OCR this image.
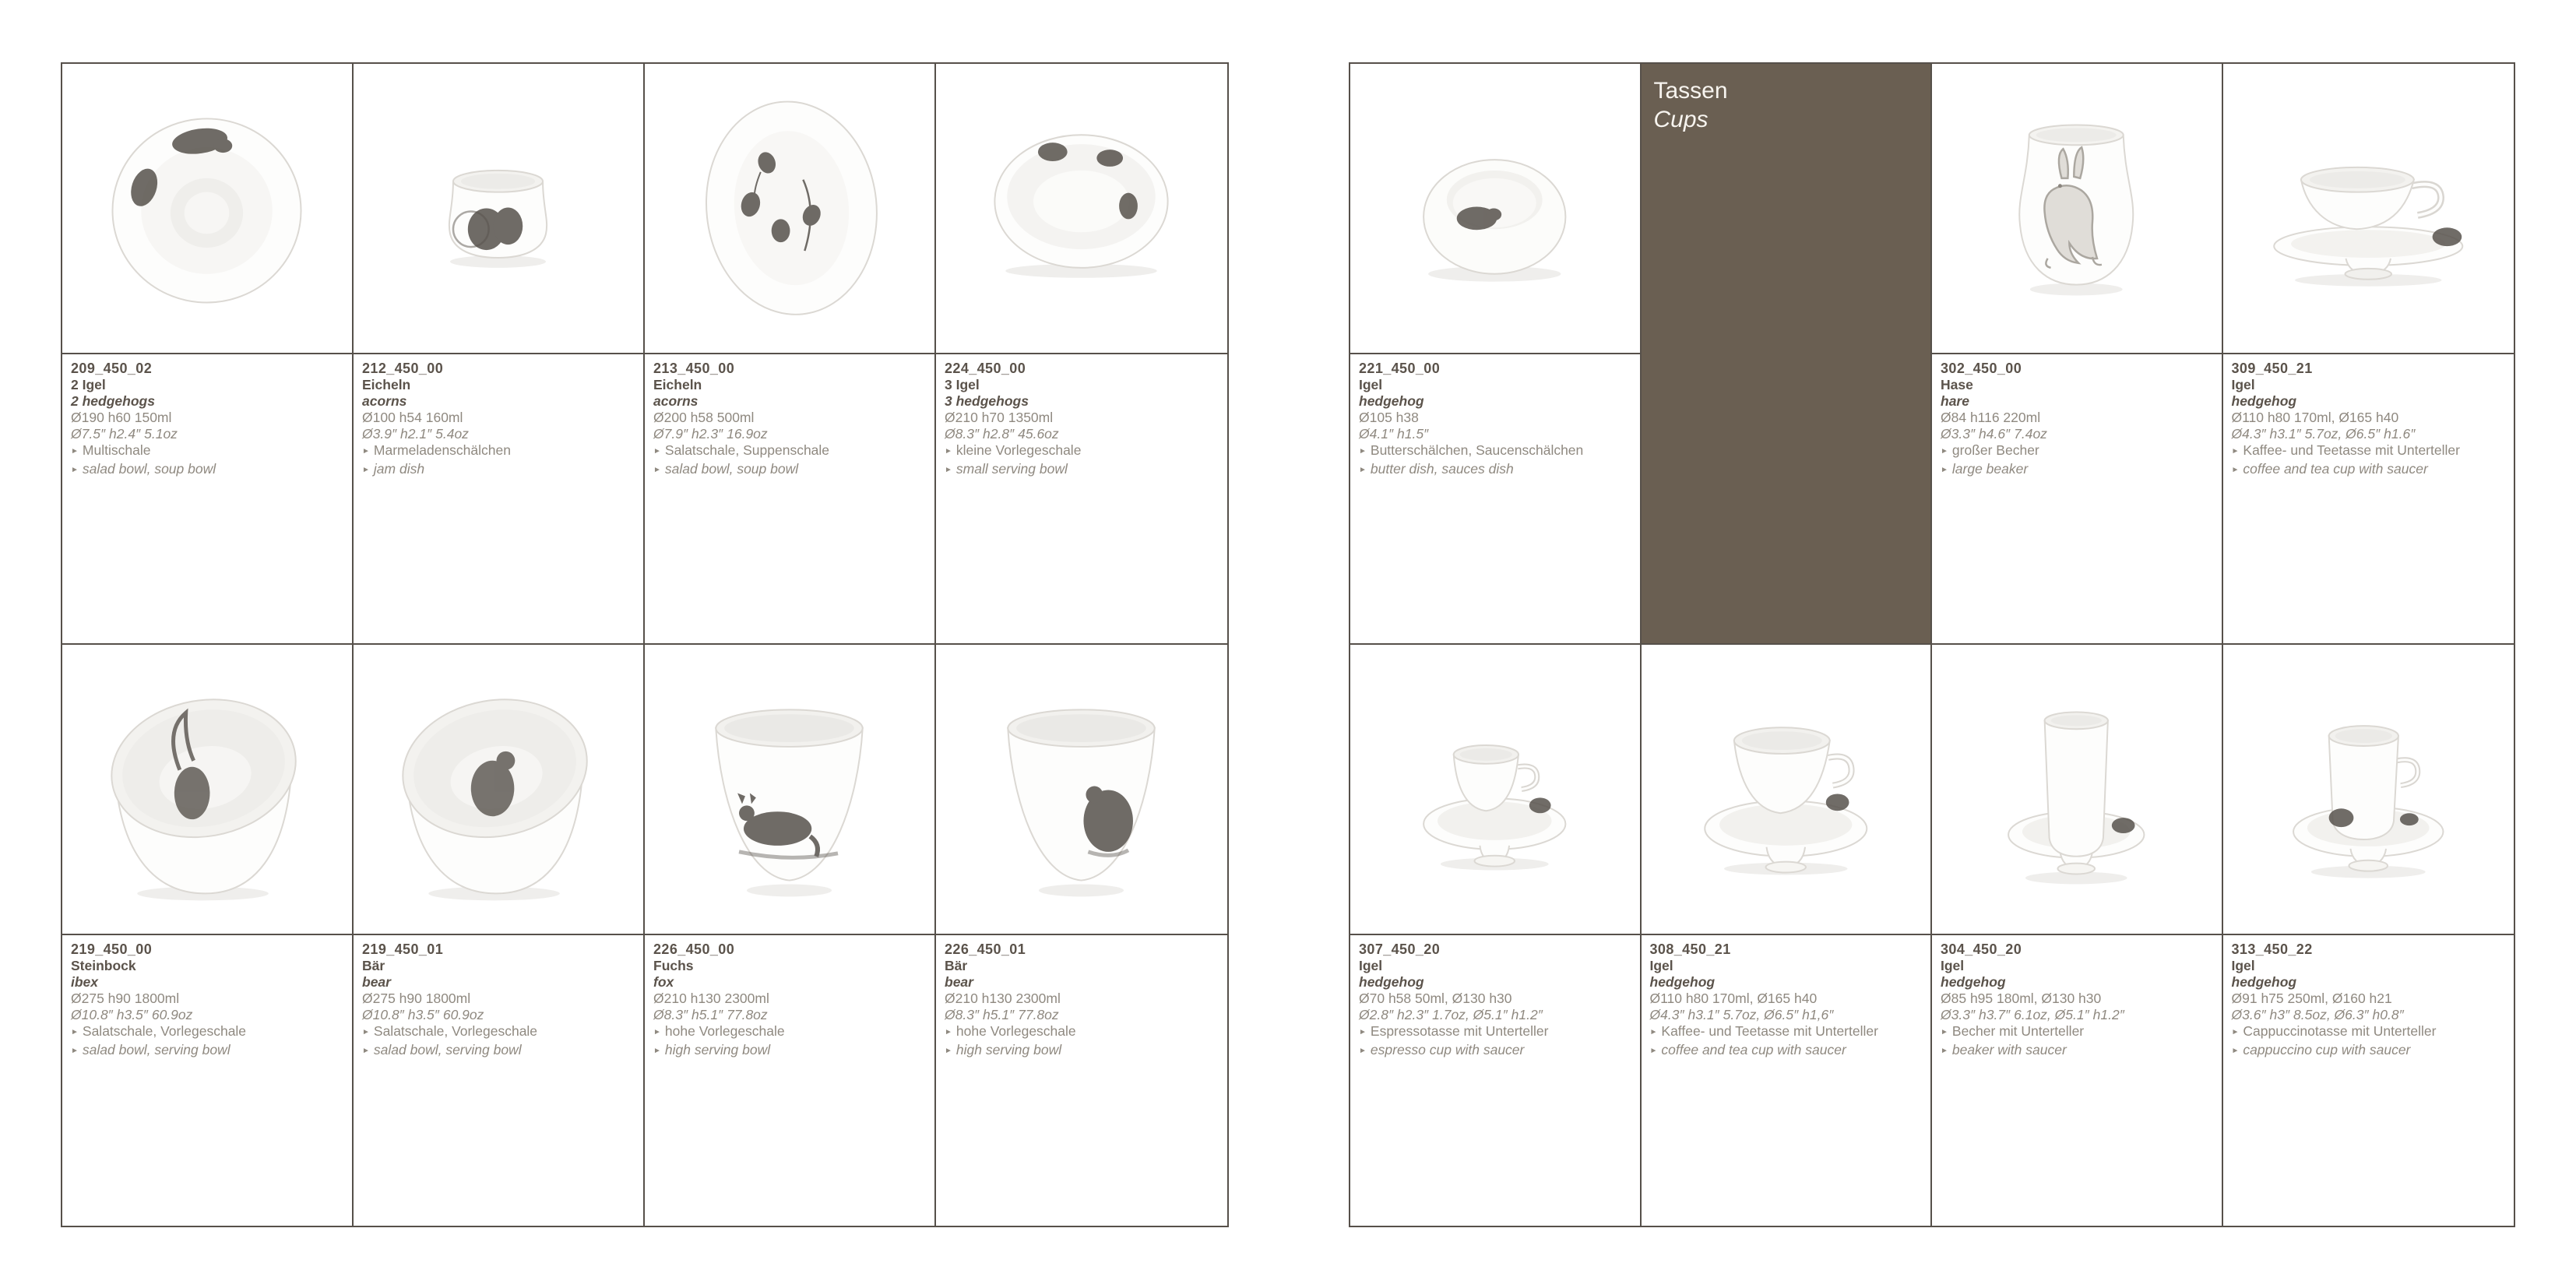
209_450_02
2 Igel
2 hedgehogs
Ø190 h60 150ml
Ø7.5″ h2.4″ 5.1oz
► Multischale
► salad bowl, soup bowl
212_450_00
Eicheln
acorns
Ø100 h54 160ml
Ø3.9″ h2.1″ 5.4oz
► Marmeladenschälchen
► jam dish
213_450_00
Eicheln
acorns
Ø200 h58 500ml
Ø7.9″ h2.3″ 16.9oz
► Salatschale, Suppenschale
► salad bowl, soup bowl
224_450_00
3 Igel
3 hedgehogs
Ø210 h70 1350ml
Ø8.3″ h2.8″ 45.6oz
► kleine Vorlegeschale
► small serving bowl
219_450_00
Steinbock
ibex
Ø275 h90 1800ml
Ø10.8″ h3.5″ 60.9oz
► Salatschale, Vorlegeschale
► salad bowl, serving bowl
219_450_01
Bär
bear
Ø275 h90 1800ml
Ø10.8″ h3.5″ 60.9oz
► Salatschale, Vorlegeschale
► salad bowl, serving bowl
226_450_00
Fuchs
fox
Ø210 h130 2300ml
Ø8.3″ h5.1″ 77.8oz
► hohe Vorlegeschale
► high serving bowl
226_450_01
Bär
bear
Ø210 h130 2300ml
Ø8.3″ h5.1″ 77.8oz
► hohe Vorlegeschale
► high serving bowl
Tassen
Cups
221_450_00
Igel
hedgehog
Ø105 h38
Ø4.1″ h1.5″
► Butterschälchen, Saucenschälchen
► butter dish, sauces dish
302_450_00
Hase
hare
Ø84 h116 220ml
Ø3.3″ h4.6″ 7.4oz
► großer Becher
► large beaker
309_450_21
Igel
hedgehog
Ø110 h80 170ml, Ø165 h40
Ø4.3″ h3.1″ 5.7oz, Ø6.5″ h1.6″
► Kaffee- und Teetasse mit Unterteller
► coffee and tea cup with saucer
307_450_20
Igel
hedgehog
Ø70 h58 50ml, Ø130 h30
Ø2.8″ h2.3″ 1.7oz, Ø5.1″ h1.2″
► Espressotasse mit Unterteller
► espresso cup with saucer
308_450_21
Igel
hedgehog
Ø110 h80 170ml, Ø165 h40
Ø4.3″ h3.1″ 5.7oz, Ø6.5″ h1,6″
► Kaffee- und Teetasse mit Unterteller
► coffee and tea cup with saucer
304_450_20
Igel
hedgehog
Ø85 h95 180ml, Ø130 h30
Ø3.3″ h3.7″ 6.1oz, Ø5.1″ h1.2″
► Becher mit Unterteller
► beaker with saucer
313_450_22
Igel
hedgehog
Ø91 h75 250ml, Ø160 h21
Ø3.6″ h3″ 8.5oz, Ø6.3″ h0.8″
► Cappuccinotasse mit Unterteller
► cappuccino cup with saucer
